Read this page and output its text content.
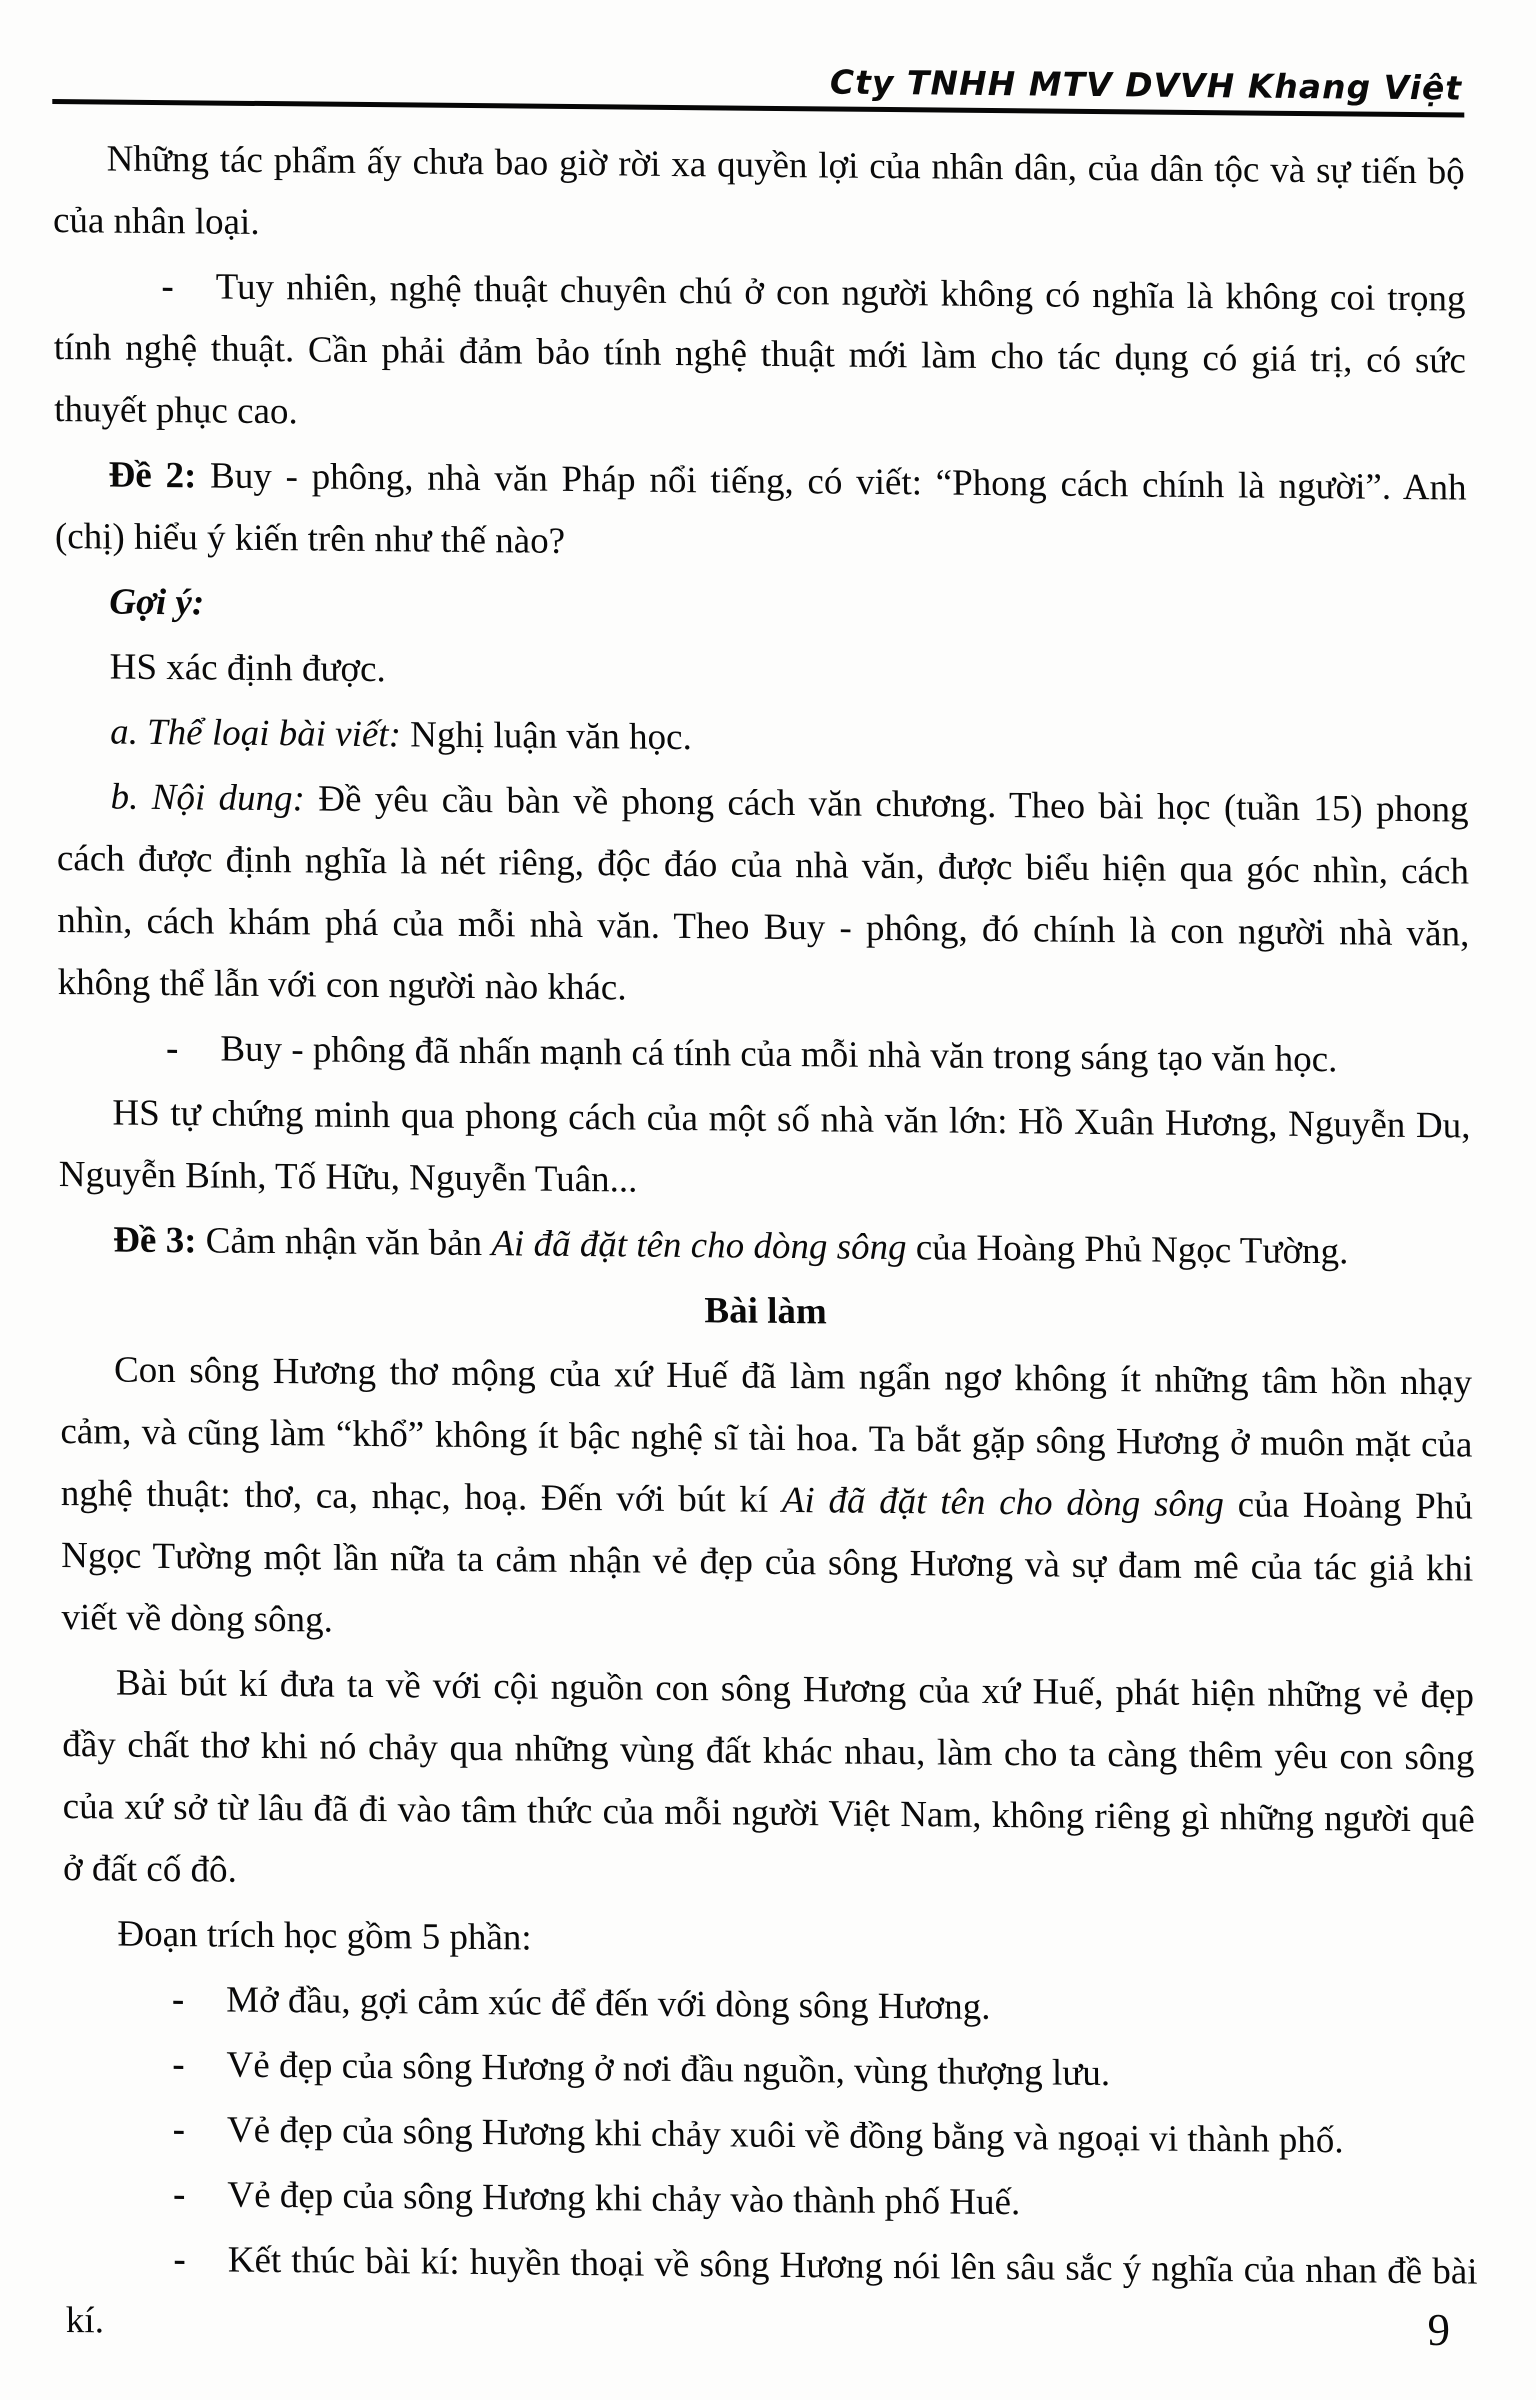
Cty TNHH MTV DVVH Khang Việt

Những tác phẩm ấy chưa bao giờ rời xa quyền lợi của nhân dân, của dân tộc và sự tiến bộ của nhân loại.

- Tuy nhiên, nghệ thuật chuyên chú ở con người không có nghĩa là không coi trọng tính nghệ thuật. Cần phải đảm bảo tính nghệ thuật mới làm cho tác dụng có giá trị, có sức thuyết phục cao.

Đề 2: Buy - phông, nhà văn Pháp nổi tiếng, có viết: “Phong cách chính là người”. Anh (chị) hiểu ý kiến trên như thế nào?

Gợi ý:

HS xác định được.

a. Thể loại bài viết: Nghị luận văn học.

b. Nội dung: Đề yêu cầu bàn về phong cách văn chương. Theo bài học (tuần 15) phong cách được định nghĩa là nét riêng, độc đáo của nhà văn, được biểu hiện qua góc nhìn, cách nhìn, cách khám phá của mỗi nhà văn. Theo Buy - phông, đó chính là con người nhà văn, không thể lẫn với con người nào khác.

- Buy - phông đã nhấn mạnh cá tính của mỗi nhà văn trong sáng tạo văn học.

HS tự chứng minh qua phong cách của một số nhà văn lớn: Hồ Xuân Hương, Nguyễn Du, Nguyễn Bính, Tố Hữu, Nguyễn Tuân...

Đề 3: Cảm nhận văn bản Ai đã đặt tên cho dòng sông của Hoàng Phủ Ngọc Tường.

Bài làm

Con sông Hương thơ mộng của xứ Huế đã làm ngẩn ngơ không ít những tâm hồn nhạy cảm, và cũng làm “khổ” không ít bậc nghệ sĩ tài hoa. Ta bắt gặp sông Hương ở muôn mặt của nghệ thuật: thơ, ca, nhạc, hoạ. Đến với bút kí Ai đã đặt tên cho dòng sông của Hoàng Phủ Ngọc Tường một lần nữa ta cảm nhận vẻ đẹp của sông Hương và sự đam mê của tác giả khi viết về dòng sông.

Bài bút kí đưa ta về với cội nguồn con sông Hương của xứ Huế, phát hiện những vẻ đẹp đầy chất thơ khi nó chảy qua những vùng đất khác nhau, làm cho ta càng thêm yêu con sông của xứ sở từ lâu đã đi vào tâm thức của mỗi người Việt Nam, không riêng gì những người quê ở đất cố đô.

Đoạn trích học gồm 5 phần:

- Mở đầu, gợi cảm xúc để đến với dòng sông Hương.

- Vẻ đẹp của sông Hương ở nơi đầu nguồn, vùng thượng lưu.

- Vẻ đẹp của sông Hương khi chảy xuôi về đồng bằng và ngoại vi thành phố.

- Vẻ đẹp của sông Hương khi chảy vào thành phố Huế.

- Kết thúc bài kí: huyền thoại về sông Hương nói lên sâu sắc ý nghĩa của nhan đề bài kí.	9
